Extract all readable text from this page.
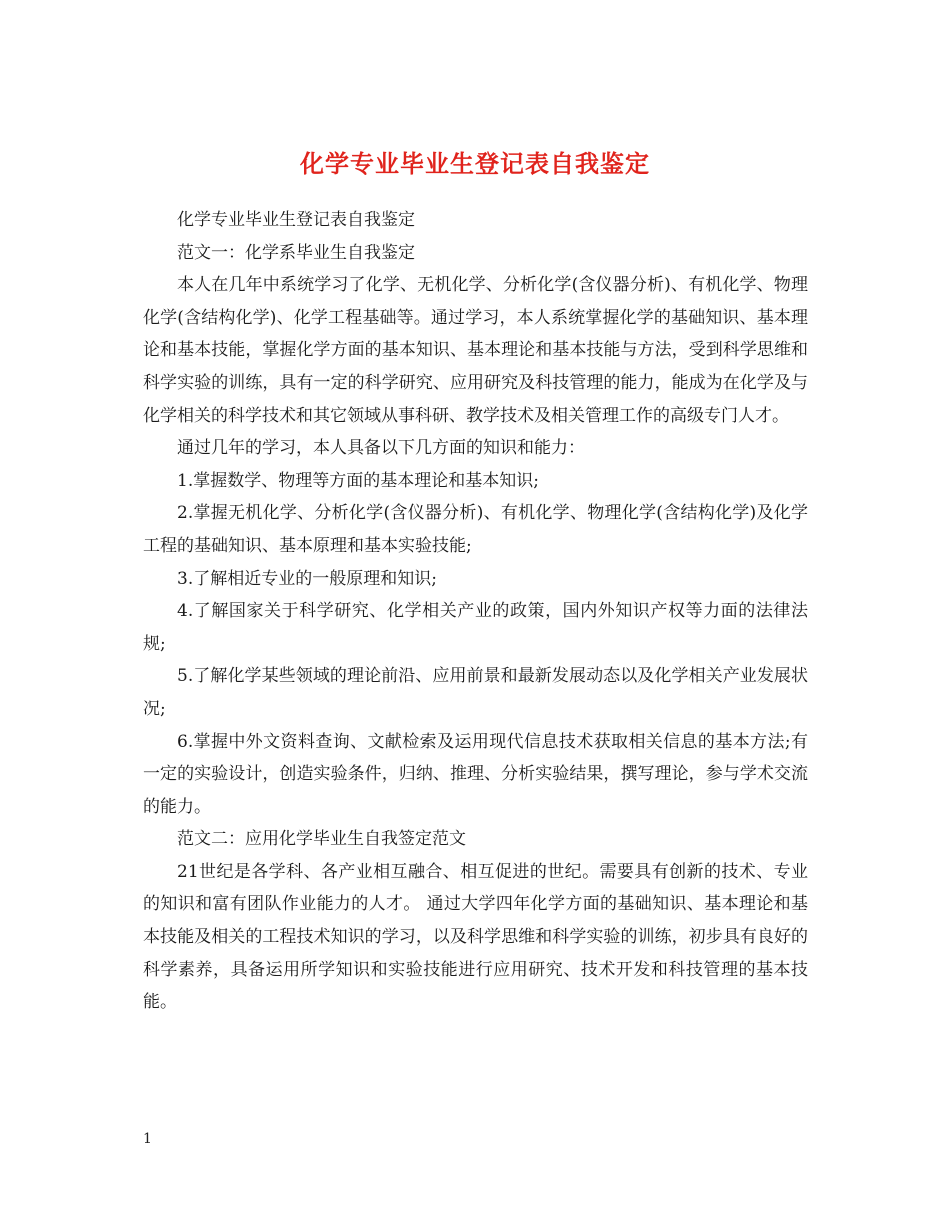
化学专业毕业生登记表自我鉴定

化学专业毕业生登记表自我鉴定

范文一：化学系毕业生自我鉴定

本人在几年中系统学习了化学、无机化学、分析化学(含仪器分析)、有机化学、物理化学(含结构化学)、化学工程基础等。通过学习，本人系统掌握化学的基础知识、基本理论和基本技能，掌握化学方面的基本知识、基本理论和基本技能与方法，受到科学思维和科学实验的训练，具有一定的科学研究、应用研究及科技管理的能力，能成为在化学及与化学相关的科学技术和其它领域从事科研、教学技术及相关管理工作的高级专门人才。

通过几年的学习，本人具备以下几方面的知识和能力：

1.掌握数学、物理等方面的基本理论和基本知识;

2.掌握无机化学、分析化学(含仪器分析)、有机化学、物理化学(含结构化学)及化学工程的基础知识、基本原理和基本实验技能;

3.了解相近专业的一般原理和知识;

4.了解国家关于科学研究、化学相关产业的政策，国内外知识产权等力面的法律法规;

5.了解化学某些领域的理论前沿、应用前景和最新发展动态以及化学相关产业发展状况;

6.掌握中外文资料查询、文献检索及运用现代信息技术获取相关信息的基本方法;有一定的实验设计，创造实验条件，归纳、推理、分析实验结果，撰写理论，参与学术交流的能力。

范文二：应用化学毕业生自我签定范文

21世纪是各学科、各产业相互融合、相互促进的世纪。需要具有创新的技术、专业的知识和富有团队作业能力的人才。 通过大学四年化学方面的基础知识、基本理论和基本技能及相关的工程技术知识的学习，以及科学思维和科学实验的训练，初步具有良好的科学素养，具备运用所学知识和实验技能进行应用研究、技术开发和科技管理的基本技能。

1
